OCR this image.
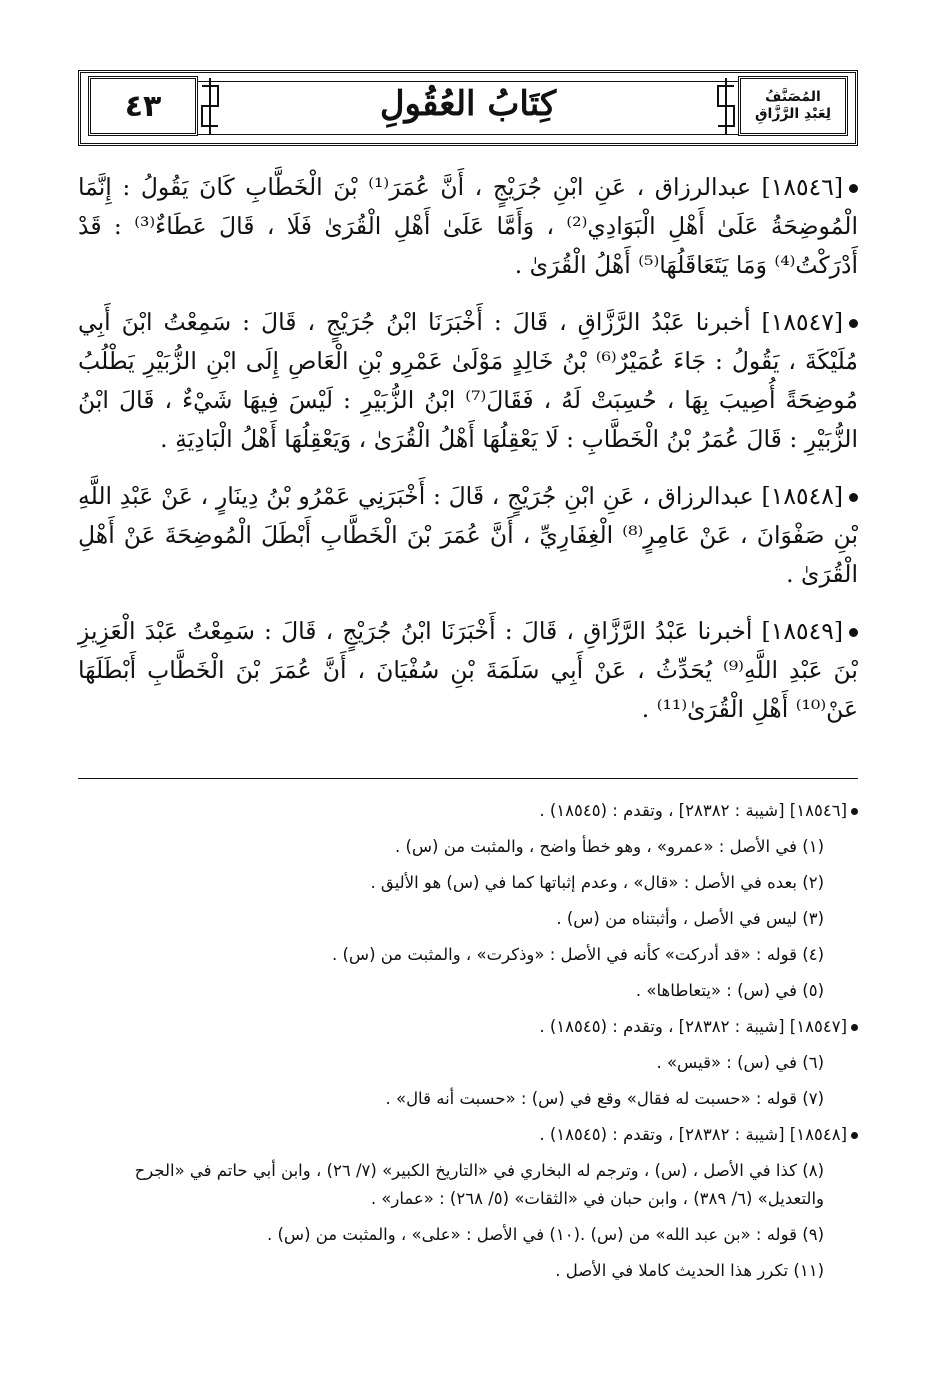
٤٣	كِتَابُ العُقُولِ	المُصَنَّفُ
لِعَبْدِ الرَّزَّاقِ
[١٨٥٤٦] عبدالرزاق ، عَنِ ابْنِ جُرَيْجٍ ، أَنَّ عُمَرَ⁽¹⁾ بْنَ الْخَطَّابِ كَانَ يَقُولُ : إِنَّمَا الْمُوضِحَةُ عَلَىٰ أَهْلِ الْبَوَادِي⁽²⁾ ، وَأَمَّا عَلَىٰ أَهْلِ الْقُرَىٰ فَلَا ، قَالَ عَطَاءٌ⁽³⁾ : قَدْ أَدْرَكْتُ⁽⁴⁾ وَمَا يَتَعَاقَلُهَا⁽⁵⁾ أَهْلُ الْقُرَىٰ .
[١٨٥٤٧] أخبرنا عَبْدُ الرَّزَّاقِ ، قَالَ : أَخْبَرَنَا ابْنُ جُرَيْجٍ ، قَالَ : سَمِعْتُ ابْنَ أَبِي مُلَيْكَةَ ، يَقُولُ : جَاءَ عُمَيْرٌ⁽⁶⁾ بْنُ خَالِدٍ مَوْلَىٰ عَمْرِو بْنِ الْعَاصِ إِلَى ابْنِ الزُّبَيْرِ يَطْلُبُ مُوضِحَةً أُصِيبَ بِهَا ، حُسِبَتْ لَهُ ، فَقَالَ⁽⁷⁾ ابْنُ الزُّبَيْرِ : لَيْسَ فِيهَا شَيْءٌ ، قَالَ ابْنُ الزُّبَيْرِ : قَالَ عُمَرُ بْنُ الْخَطَّابِ : لَا يَعْقِلُهَا أَهْلُ الْقُرَىٰ ، وَيَعْقِلُهَا أَهْلُ الْبَادِيَةِ .
[١٨٥٤٨] عبدالرزاق ، عَنِ ابْنِ جُرَيْجٍ ، قَالَ : أَخْبَرَنِي عَمْرُو بْنُ دِينَارٍ ، عَنْ عَبْدِ اللَّهِ بْنِ صَفْوَانَ ، عَنْ عَامِرٍ⁽⁸⁾ الْغِفَارِيِّ ، أَنَّ عُمَرَ بْنَ الْخَطَّابِ أَبْطَلَ الْمُوضِحَةَ عَنْ أَهْلِ الْقُرَىٰ .
[١٨٥٤٩] أخبرنا عَبْدُ الرَّزَّاقِ ، قَالَ : أَخْبَرَنَا ابْنُ جُرَيْجٍ ، قَالَ : سَمِعْتُ عَبْدَ الْعَزِيزِ بْنَ عَبْدِ اللَّهِ⁽⁹⁾ يُحَدِّثُ ، عَنْ أَبِي سَلَمَةَ بْنِ سُفْيَانَ ، أَنَّ عُمَرَ بْنَ الْخَطَّابِ أَبْطَلَهَا عَنْ⁽¹⁰⁾ أَهْلِ الْقُرَىٰ⁽¹¹⁾ .
[١٨٥٤٦] [شيبة : ٢٨٣٨٢] ، وتقدم : (١٨٥٤٥) .
(١) في الأصل : «عمرو» ، وهو خطأ واضح ، والمثبت من (س) .
(٢) بعده في الأصل : «قال» ، وعدم إثباتها كما في (س) هو الأليق .
(٣) ليس في الأصل ، وأثبتناه من (س) .
(٤) قوله : «قد أدركت» كأنه في الأصل : «وذكرت» ، والمثبت من (س) .
(٥) في (س) : «يتعاطاها» .
[١٨٥٤٧] [شيبة : ٢٨٣٨٢] ، وتقدم : (١٨٥٤٥) .
(٦) في (س) : «قيس» .
(٧) قوله : «حسبت له فقال» وقع في (س) : «حسبت أنه قال» .
[١٨٥٤٨] [شيبة : ٢٨٣٨٢] ، وتقدم : (١٨٥٤٥) .
(٨) كذا في الأصل ، (س) ، وترجم له البخاري في «التاريخ الكبير» (٧/ ٢٦) ، وابن أبي حاتم في «الجرح والتعديل» (٦/ ٣٨٩) ، وابن حبان في «الثقات» (٥/ ٢٦٨) : «عمار» .
(٩) قوله : «بن عبد الله» من (س) .
(١٠) في الأصل : «على» ، والمثبت من (س) .
(١١) تكرر هذا الحديث كاملا في الأصل .
